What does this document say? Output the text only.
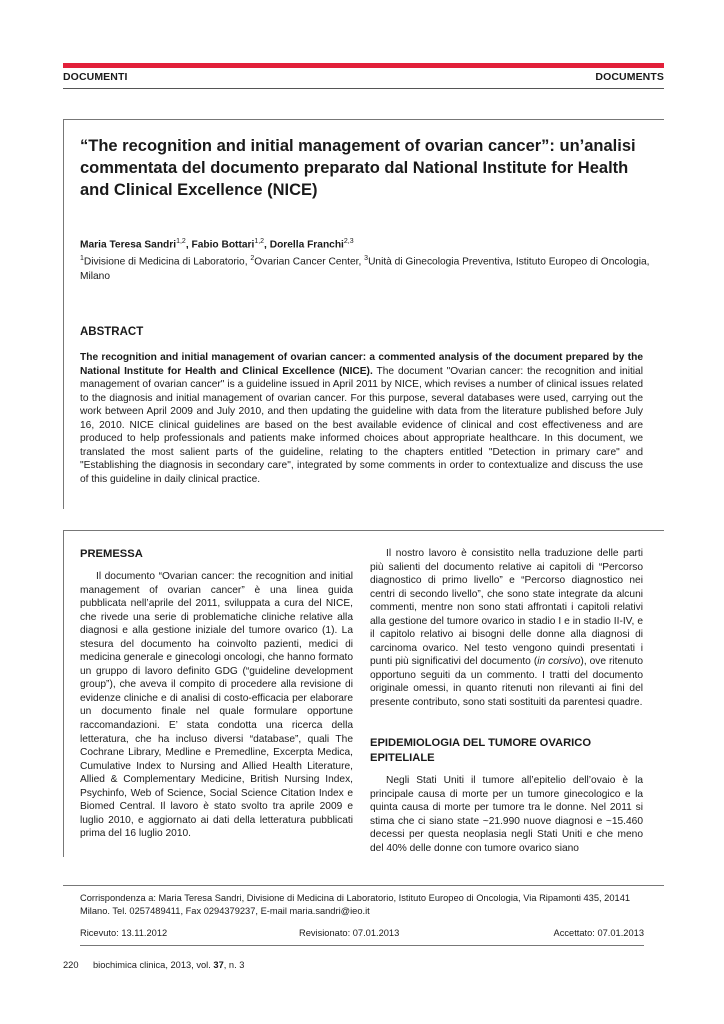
DOCUMENTI	DOCUMENTS
“The recognition and initial management of ovarian cancer”: un’analisi commentata del documento preparato dal National Institute for Health and Clinical Excellence (NICE)
Maria Teresa Sandri$^{1,2}$, Fabio Bottari$^{1,2}$, Dorella Franchi$^{2,3}$
$^1$Divisione di Medicina di Laboratorio, $^2$Ovarian Cancer Center, $^3$Unità di Ginecologia Preventiva, Istituto Europeo di Oncologia, Milano
ABSTRACT

The recognition and initial management of ovarian cancer: a commented analysis of the document prepared by the National Institute for Health and Clinical Excellence (NICE). The document "Ovarian cancer: the recognition and initial management of ovarian cancer" is a guideline issued in April 2011 by NICE, which revises a number of clinical issues related to the diagnosis and initial management of ovarian cancer. For this purpose, several databases were used, carrying out the work between April 2009 and July 2010, and then updating the guideline with data from the literature published before July 16, 2010. NICE clinical guidelines are based on the best available evidence of clinical and cost effectiveness and are produced to help professionals and patients make informed choices about appropriate healthcare. In this document, we translated the most salient parts of the guideline, relating to the chapters entitled "Detection in primary care" and "Establishing the diagnosis in secondary care", integrated by some comments in order to contextualize and discuss the use of this guideline in daily clinical practice.

PREMESSA

Il documento “Ovarian cancer: the recognition and initial management of ovarian cancer” è una linea guida pubblicata nell’aprile del 2011, sviluppata a cura del NICE, che rivede una serie di problematiche cliniche relative alla diagnosi e alla gestione iniziale del tumore ovarico (1). La stesura del documento ha coinvolto pazienti, medici di medicina generale e ginecologi oncologi, che hanno formato un gruppo di lavoro definito GDG (“guideline development group”), che aveva il compito di procedere alla revisione di evidenze cliniche e di analisi di costo-efficacia per elaborare un documento finale nel quale formulare opportune raccomandazioni. E’ stata condotta una ricerca della letteratura, che ha incluso diversi “database”, quali The Cochrane Library, Medline e Premedline, Excerpta Medica, Cumulative Index to Nursing and Allied Health Literature, Allied & Complementary Medicine, British Nursing Index, Psychinfo, Web of Science, Social Science Citation Index e Biomed Central. Il lavoro è stato svolto tra aprile 2009 e luglio 2010, e aggiornato ai dati della letteratura pubblicati prima del 16 luglio 2010.

Il nostro lavoro è consistito nella traduzione delle parti più salienti del documento relative ai capitoli di “Percorso diagnostico di primo livello” e “Percorso diagnostico nei centri di secondo livello”, che sono state integrate da alcuni commenti, mentre non sono stati affrontati i capitoli relativi alla gestione del tumore ovarico in stadio I e in stadio II-IV, e il capitolo relativo ai bisogni delle donne alla diagnosi di carcinoma ovarico. Nel testo vengono quindi presentati i punti più significativi del documento (in corsivo), ove ritenuto opportuno seguiti da un commento. I tratti del documento originale omessi, in quanto ritenuti non rilevanti ai fini del presente contributo, sono stati sostituiti da parentesi quadre.

EPIDEMIOLOGIA DEL TUMORE OVARICO EPITELIALE

Negli Stati Uniti il tumore all’epitelio dell’ovaio è la principale causa di morte per un tumore ginecologico e la quinta causa di morte per tumore tra le donne. Nel 2011 si stima che ci siano state ~21.990 nuove diagnosi e ~15.460 decessi per questa neoplasia negli Stati Uniti e che meno del 40% delle donne con tumore ovarico siano

Corrispondenza a: Maria Teresa Sandri, Divisione di Medicina di Laboratorio, Istituto Europeo di Oncologia, Via Ripamonti 435, 20141 Milano. Tel. 0257489411, Fax 0294379237, E-mail maria.sandri@ieo.it

Ricevuto: 13.11.2012	Revisionato: 07.01.2013	Accettato: 07.01.2013
220 biochimica clinica, 2013, vol. 37, n. 3
